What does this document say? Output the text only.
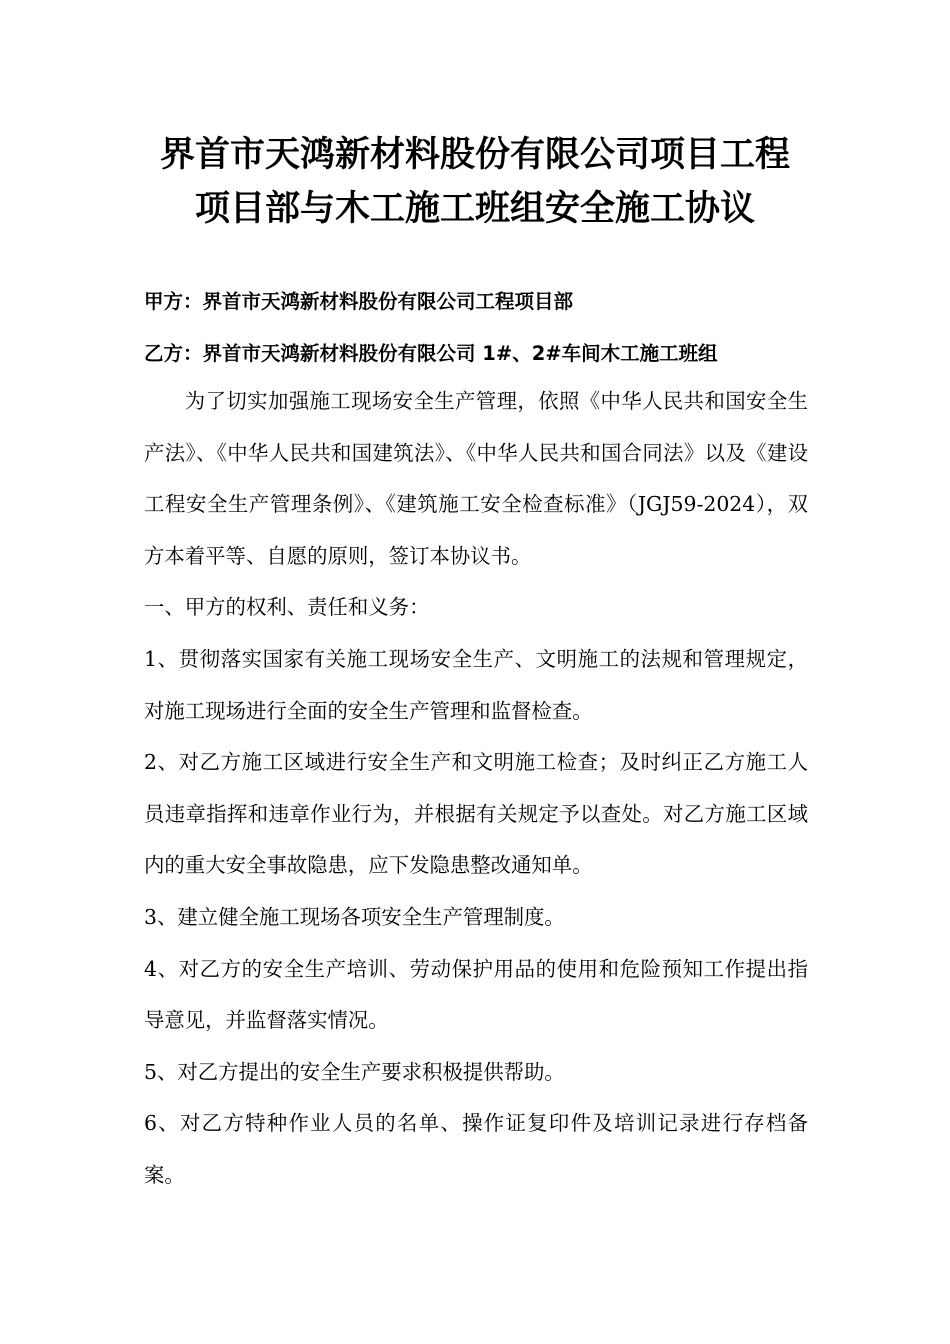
界首市天鸿新材料股份有限公司项目工程
项目部与木工施工班组安全施工协议
甲方：界首市天鸿新材料股份有限公司工程项目部
乙方：界首市天鸿新材料股份有限公司 1#、2#车间木工施工班组

为了切实加强施工现场安全生产管理，依照《中华人民共和国安全生产法》、《中华人民共和国建筑法》、《中华人民共和国合同法》以及《建设工程安全生产管理条例》、《建筑施工安全检查标准》（JGJ59-2024），双方本着平等、自愿的原则，签订本协议书。

一、甲方的权利、责任和义务：

1、贯彻落实国家有关施工现场安全生产、文明施工的法规和管理规定，对施工现场进行全面的安全生产管理和监督检查。

2、对乙方施工区域进行安全生产和文明施工检查；及时纠正乙方施工人员违章指挥和违章作业行为，并根据有关规定予以查处。对乙方施工区域内的重大安全事故隐患，应下发隐患整改通知单。

3、建立健全施工现场各项安全生产管理制度。

4、对乙方的安全生产培训、劳动保护用品的使用和危险预知工作提出指导意见，并监督落实情况。

5、对乙方提出的安全生产要求积极提供帮助。

6、对乙方特种作业人员的名单、操作证复印件及培训记录进行存档备案。
